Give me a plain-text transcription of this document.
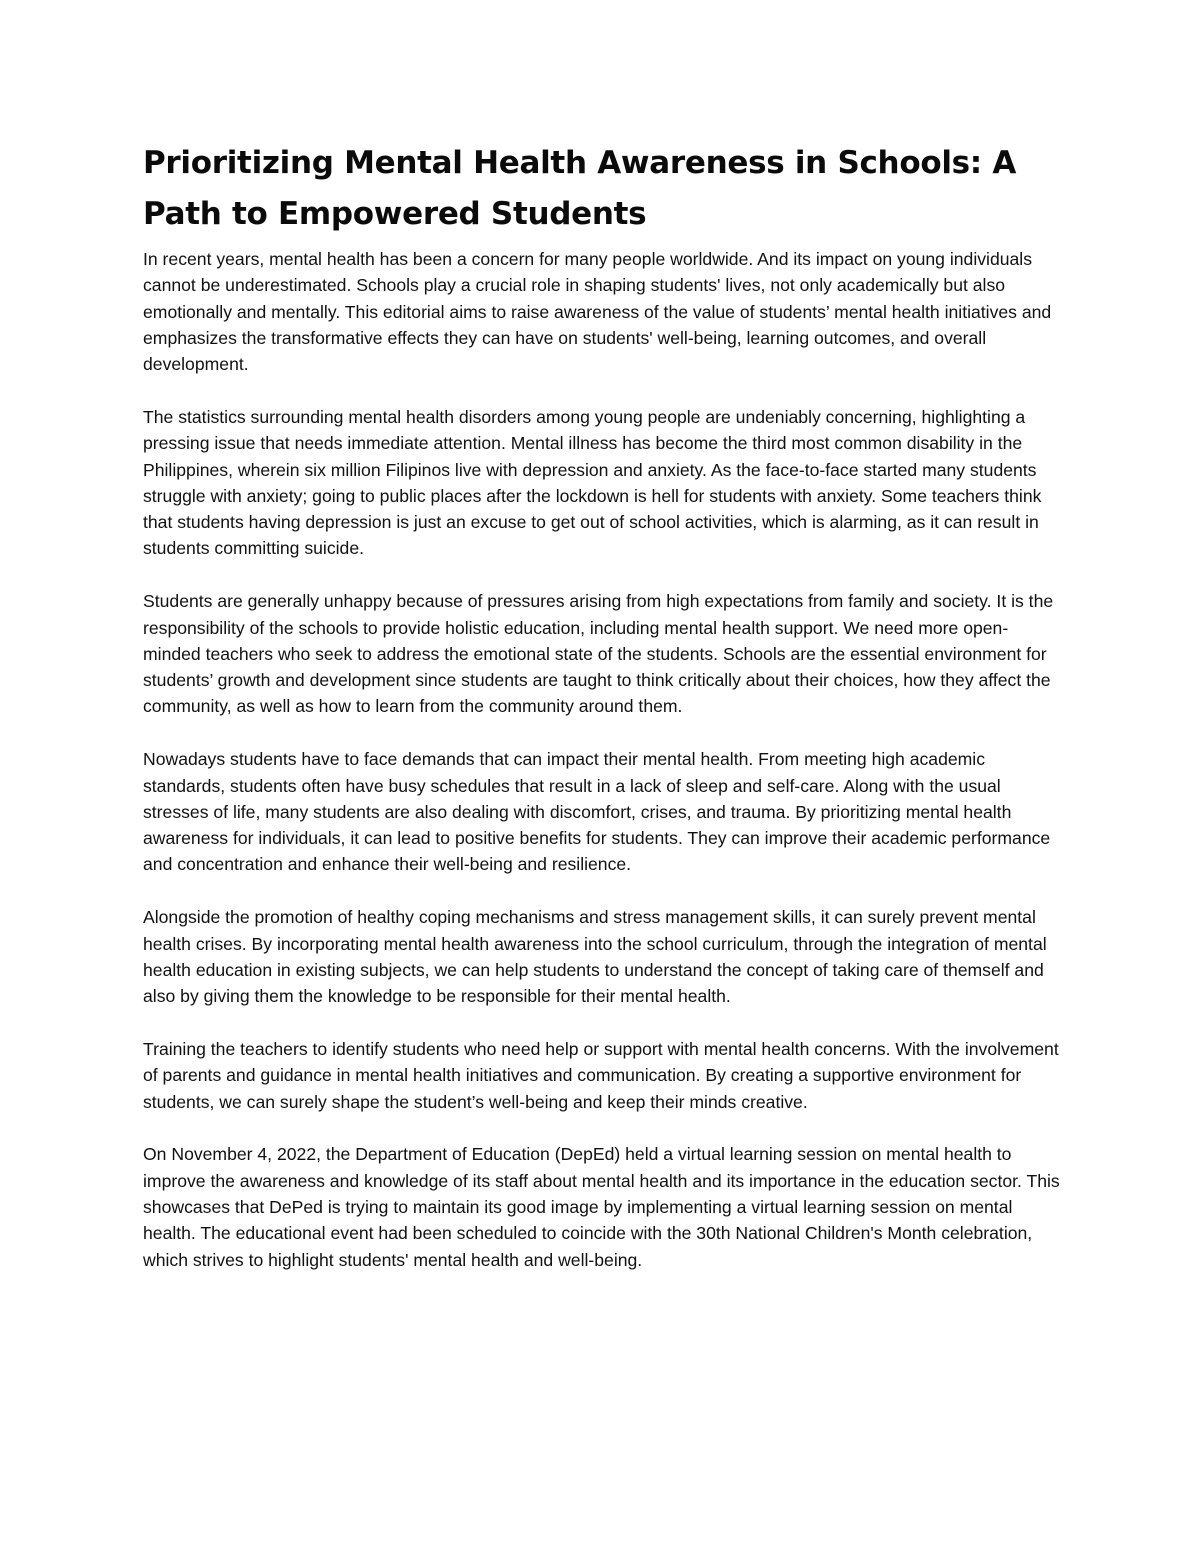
Prioritizing Mental Health Awareness in Schools: A Path to Empowered Students

In recent years, mental health has been a concern for many people worldwide. And its impact on young individuals cannot be underestimated. Schools play a crucial role in shaping students' lives, not only academically but also emotionally and mentally. This editorial aims to raise awareness of the value of students’ mental health initiatives and emphasizes the transformative effects they can have on students' well-being, learning outcomes, and overall development.

The statistics surrounding mental health disorders among young people are undeniably concerning, highlighting a pressing issue that needs immediate attention. Mental illness has become the third most common disability in the Philippines, wherein six million Filipinos live with depression and anxiety. As the face-to-face started many students struggle with anxiety; going to public places after the lockdown is hell for students with anxiety. Some teachers think that students having depression is just an excuse to get out of school activities, which is alarming, as it can result in students committing suicide.

Students are generally unhappy because of pressures arising from high expectations from family and society. It is the responsibility of the schools to provide holistic education, including mental health support. We need more open-minded teachers who seek to address the emotional state of the students. Schools are the essential environment for students’ growth and development since students are taught to think critically about their choices, how they affect the community, as well as how to learn from the community around them.

Nowadays students have to face demands that can impact their mental health. From meeting high academic standards, students often have busy schedules that result in a lack of sleep and self-care. Along with the usual stresses of life, many students are also dealing with discomfort, crises, and trauma. By prioritizing mental health awareness for individuals, it can lead to positive benefits for students. They can improve their academic performance and concentration and enhance their well-being and resilience.

Alongside the promotion of healthy coping mechanisms and stress management skills, it can surely prevent mental health crises. By incorporating mental health awareness into the school curriculum, through the integration of mental health education in existing subjects, we can help students to understand the concept of taking care of themself and also by giving them the knowledge to be responsible for their mental health.

Training the teachers to identify students who need help or support with mental health concerns. With the involvement of parents and guidance in mental health initiatives and communication. By creating a supportive environment for students, we can surely shape the student’s well-being and keep their minds creative.

On November 4, 2022, the Department of Education (DepEd) held a virtual learning session on mental health to improve the awareness and knowledge of its staff about mental health and its importance in the education sector. This showcases that DePed is trying to maintain its good image by implementing a virtual learning session on mental health. The educational event had been scheduled to coincide with the 30th National Children's Month celebration, which strives to highlight students' mental health and well-being.
